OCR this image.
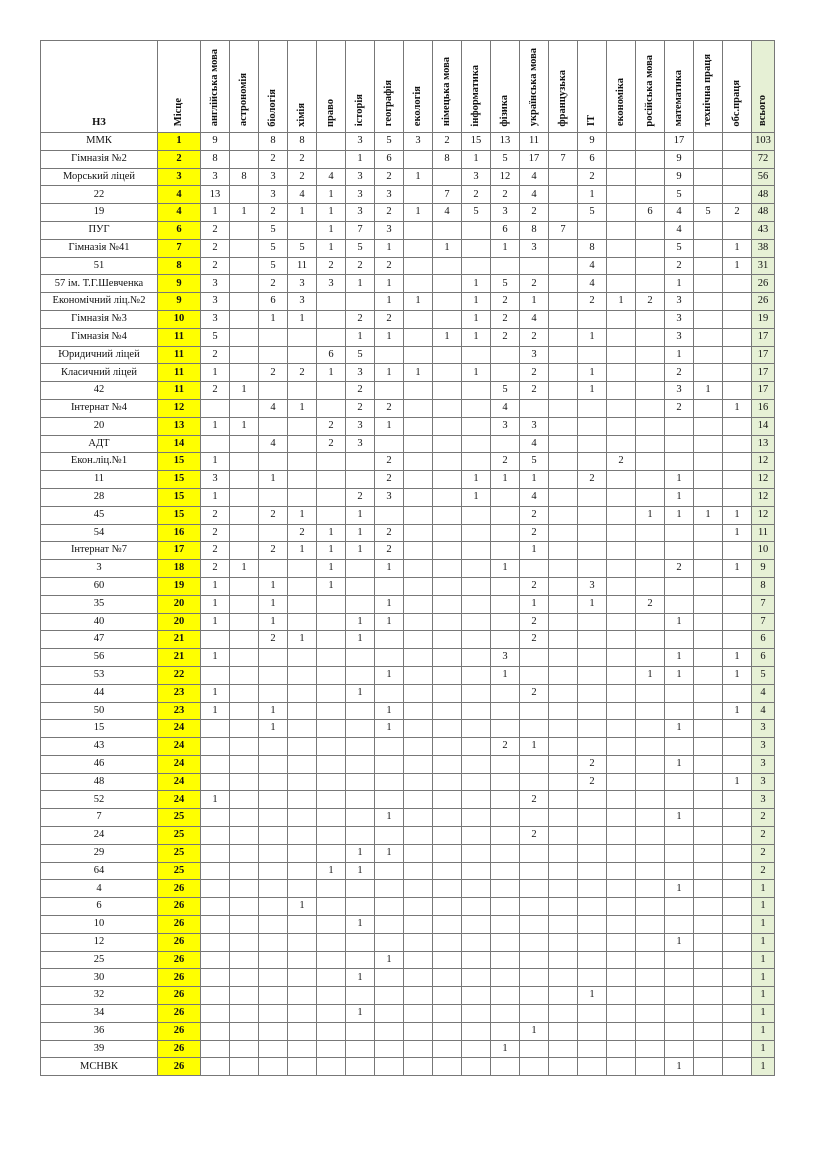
НЗ	Місце	англійська мова	астрономія	біологія	хімія	право	історія	географія	екологія	німецька мова	інформатика	фізика	українська мова	французька	ІТ	економіка	російська мова	математика	технічна праця	обс.праця	всього
ММК	1	9		8	8		3	5	3	2	15	13	11		9			17			103
Гімназія №2	2	8		2	2		1	6		8	1	5	17	7	6			9			72
Морський ліцей	3	3	8	3	2	4	3	2	1		3	12	4		2			9			56
22	4	13		3	4	1	3	3		7	2	2	4		1			5			48
19	4	1	1	2	1	1	3	2	1	4	5	3	2		5		6	4	5	2	48
ПУГ	6	2		5		1	7	3				6	8	7				4			43
Гімназія №41	7	2		5	5	1	5	1		1		1	3		8			5		1	38
51	8	2		5	11	2	2	2							4			2		1	31
57 ім. Т.Г.Шевченка	9	3		2	3	3	1	1			1	5	2		4			1			26
Економічний ліц.№2	9	3		6	3			1	1		1	2	1		2	1	2	3			26
Гімназія №3	10	3		1	1		2	2			1	2	4					3			19
Гімназія №4	11	5					1	1		1	1	2	2		1			3			17
Юридичний ліцей	11	2				6	5						3					1			17
Класичний ліцей	11	1		2	2	1	3	1	1		1		2		1			2			17
42	11	2	1				2					5	2		1			3	1		17
Інтернат №4	12			4	1		2	2				4						2		1	16
20	13	1	1			2	3	1				3	3								14
АДТ	14			4		2	3						4								13
Екон.ліц.№1	15	1						2				2	5			2					12
11	15	3		1				2			1	1	1		2			1			12
28	15	1					2	3			1		4					1			12
45	15	2		2	1		1						2				1	1	1	1	12
54	16	2			2	1	1	2					2							1	11
Інтернат №7	17	2		2	1	1	1	2					1								10
3	18	2	1			1		1				1						2		1	9
60	19	1		1		1							2		3						8
35	20	1		1				1					1		1		2				7
40	20	1		1			1	1					2					1			7
47	21			2	1		1						2								6
56	21	1										3						1		1	6
53	22							1				1					1	1		1	5
44	23	1					1						2								4
50	23	1		1				1												1	4
15	24			1				1										1			3
43	24											2	1								3
46	24														2			1			3
48	24														2					1	3
52	24	1											2								3
7	25							1										1			2
24	25												2								2
29	25						1	1													2
64	25					1	1														2
4	26																	1			1
6	26				1																1
10	26						1														1
12	26																	1			1
25	26							1													1
30	26						1														1
32	26														1						1
34	26						1														1
36	26												1								1
39	26											1									1
МСНВК	26																	1			1
